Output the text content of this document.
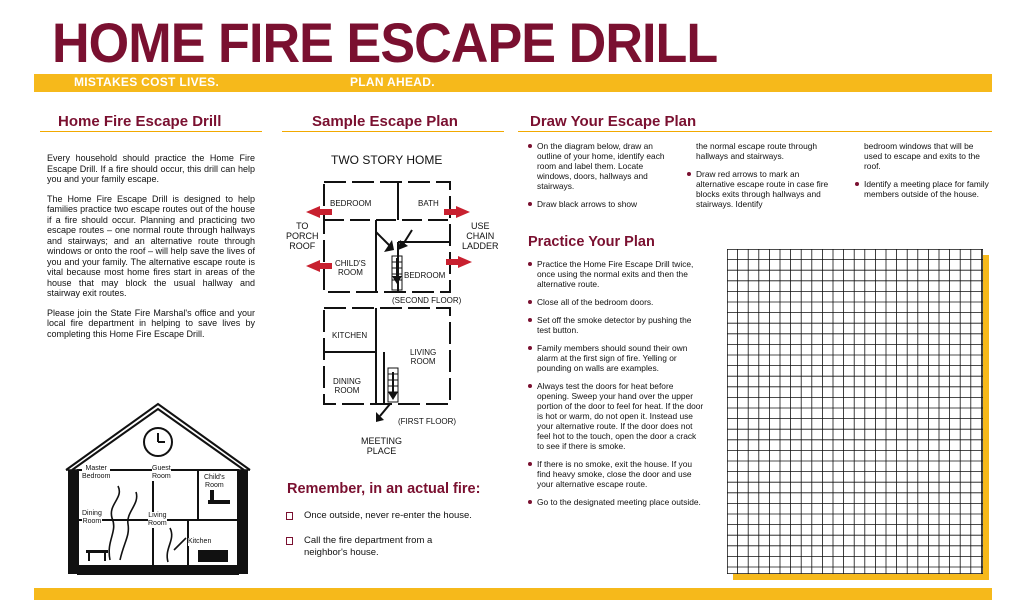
HOME FIRE ESCAPE DRILL
MISTAKES COST LIVES.	PLAN AHEAD.
Home Fire Escape Drill

Every household should practice the Home Fire Escape Drill. If a fire should occur, this drill can help you and your family escape.

The Home Fire Escape Drill is designed to help families practice two escape routes out of the house if a fire should occur. Planning and practicing two escape routes – one normal route through hallways and stairways; and an alternative route through windows or onto the roof – will help save the lives of you and your family. The alternative escape route is vital because most home fires start in areas of the house that may block the usual hallway and stairway exit routes.

Please join the State Fire Marshal's office and your local fire department in helping to save lives by completing this Home Fire Escape Drill.

Master
Bedroom
Guest
Room	Child's
Room
Dining
Room
Living
Room
Kitchen
Sample Escape Plan
TWO STORY HOME
BEDROOM	BATH
CHILD'S
ROOM	BEDROOM
(SECOND FLOOR)
KITCHEN
LIVING
ROOM
DINING
ROOM
(FIRST FLOOR)
TO
PORCH
ROOF
USE
CHAIN
LADDER
MEETING
PLACE
Remember, in an actual fire:
Once outside, never re-enter the house.
Call the fire department from a neighbor's house.
Draw Your Escape Plan
On the diagram below, draw an outline of your home, identify each room and label them. Locate windows, doors, hallways and stairways.
Draw black arrows to show
the normal escape route through hallways and stairways.
Draw red arrows to mark an alternative escape route in case fire blocks exits through hallways and stairways. Identify
bedroom windows that will be used to escape and exits to the roof.
Identify a meeting place for family members outside of the house.
Practice Your Plan
Practice the Home Fire Escape Drill twice, once using the normal exits and then the alternative route.
Close all of the bedroom doors.
Set off the smoke detector by pushing the test button.
Family members should sound their own alarm at the first sign of fire. Yelling or pounding on walls are examples.
Always test the doors for heat before opening. Sweep your hand over the upper portion of the door to feel for heat. If the door is hot or warm, do not open it. Instead use your alternative route. If the door does not feel hot to the touch, open the door a crack to see if there is smoke.
If there is no smoke, exit the house. If you find heavy smoke, close the door and use your alternative escape route.
Go to the designated meeting place outside.
